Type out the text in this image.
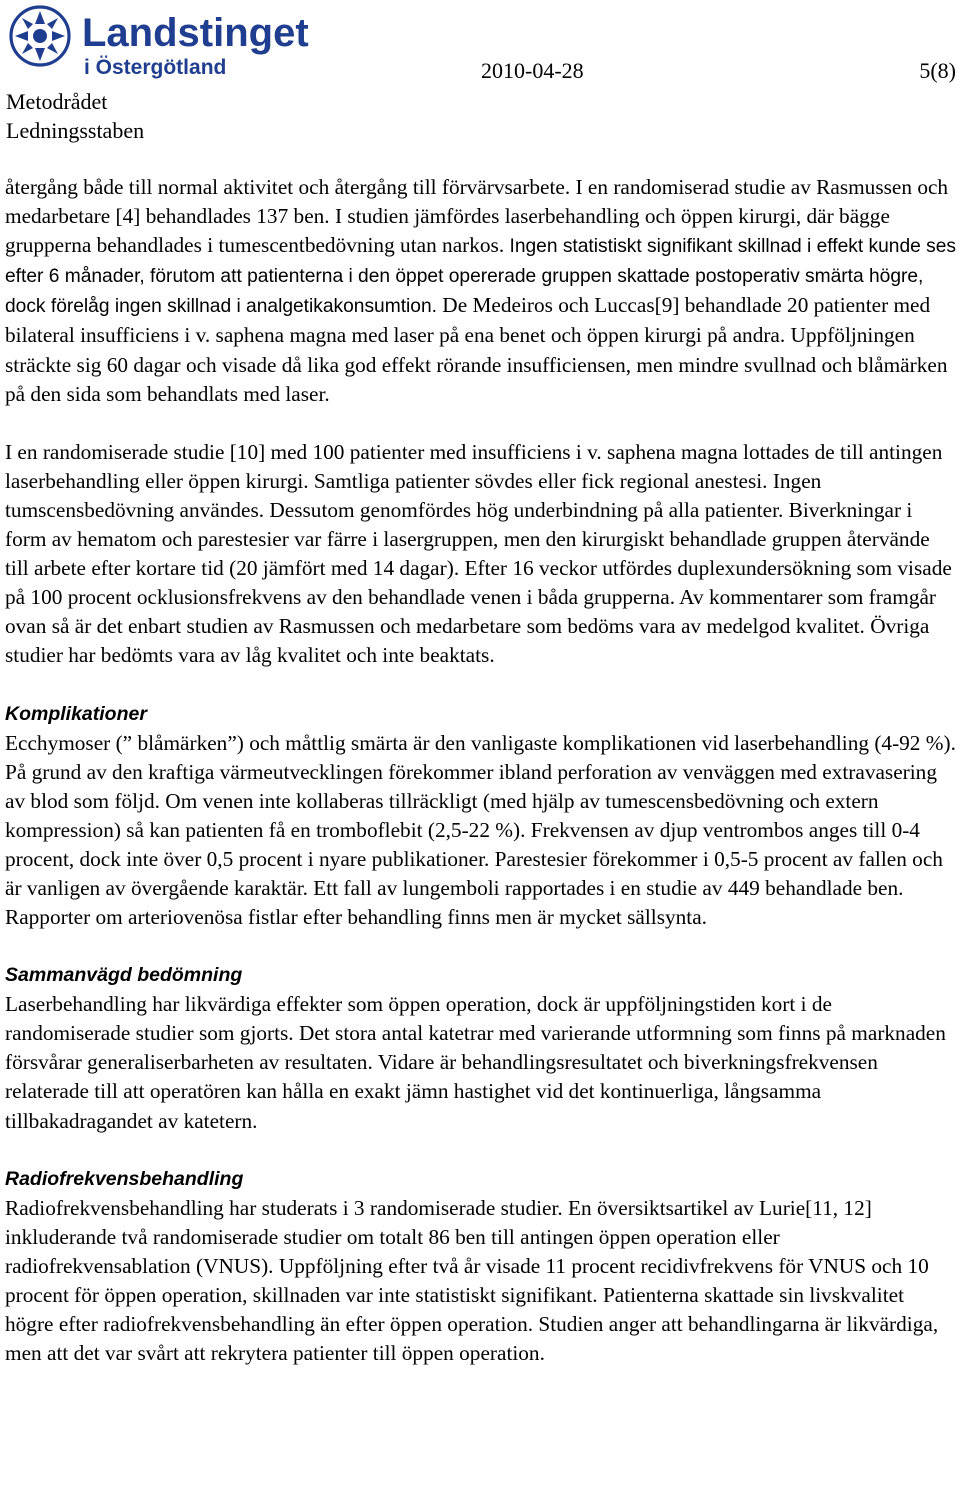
Landstinget
i Östergötland	2010-04-28	5(8)
Metodrådet
Ledningsstaben

återgång både till normal aktivitet och återgång till förvärvsarbete. I en randomiserad studie av Rasmussen och medarbetare [4] behandlades 137 ben. I studien jämfördes laserbehandling och öppen kirurgi, där bägge grupperna behandlades i tumescentbedövning utan narkos. Ingen statistiskt signifikant skillnad i effekt kunde ses efter 6 månader, förutom att patienterna i den öppet opererade gruppen skattade postoperativ smärta högre, dock förelåg ingen skillnad i analgetikakonsumtion. De Medeiros och Luccas[9] behandlade 20 patienter med bilateral insufficiens i v. saphena magna med laser på ena benet och öppen kirurgi på andra. Uppföljningen sträckte sig 60 dagar och visade då lika god effekt rörande insufficiensen, men mindre svullnad och blåmärken på den sida som behandlats med laser.

I en randomiserade studie [10] med 100 patienter med insufficiens i v. saphena magna lottades de till antingen laserbehandling eller öppen kirurgi. Samtliga patienter sövdes eller fick regional anestesi. Ingen tumscensbedövning användes. Dessutom genomfördes hög underbindning på alla patienter. Biverkningar i form av hematom och parestesier var färre i lasergruppen, men den kirurgiskt behandlade gruppen återvände till arbete efter kortare tid (20 jämfört med 14 dagar). Efter 16 veckor utfördes duplexundersökning som visade på 100 procent ocklusionsfrekvens av den behandlade venen i båda grupperna. Av kommentarer som framgår ovan så är det enbart studien av Rasmussen och medarbetare som bedöms vara av medelgod kvalitet. Övriga studier har bedömts vara av låg kvalitet och inte beaktats.

Komplikationer

Ecchymoser (” blåmärken”) och måttlig smärta är den vanligaste komplikationen vid laserbehandling (4-92 %). På grund av den kraftiga värmeutvecklingen förekommer ibland perforation av venväggen med extravasering av blod som följd. Om venen inte kollaberas tillräckligt (med hjälp av tumescensbedövning och extern kompression) så kan patienten få en tromboflebit (2,5-22 %). Frekvensen av djup ventrombos anges till 0-4 procent, dock inte över 0,5 procent i nyare publikationer. Parestesier förekommer i 0,5-5 procent av fallen och är vanligen av övergående karaktär. Ett fall av lungemboli rapportades i en studie av 449 behandlade ben. Rapporter om arteriovenösa fistlar efter behandling finns men är mycket sällsynta.

Sammanvägd bedömning

Laserbehandling har likvärdiga effekter som öppen operation, dock är uppföljningstiden kort i de randomiserade studier som gjorts. Det stora antal katetrar med varierande utformning som finns på marknaden försvårar generaliserbarheten av resultaten. Vidare är behandlingsresultatet och biverkningsfrekvensen relaterade till att operatören kan hålla en exakt jämn hastighet vid det kontinuerliga, långsamma tillbakadragandet av katetern.

Radiofrekvensbehandling

Radiofrekvensbehandling har studerats i 3 randomiserade studier. En översiktsartikel av Lurie[11, 12] inkluderande två randomiserade studier om totalt 86 ben till antingen öppen operation eller radiofrekvensablation (VNUS). Uppföljning efter två år visade 11 procent recidivfrekvens för VNUS och 10 procent för öppen operation, skillnaden var inte statistiskt signifikant. Patienterna skattade sin livskvalitet högre efter radiofrekvensbehandling än efter öppen operation. Studien anger att behandlingarna är likvärdiga, men att det var svårt att rekrytera patienter till öppen operation.
